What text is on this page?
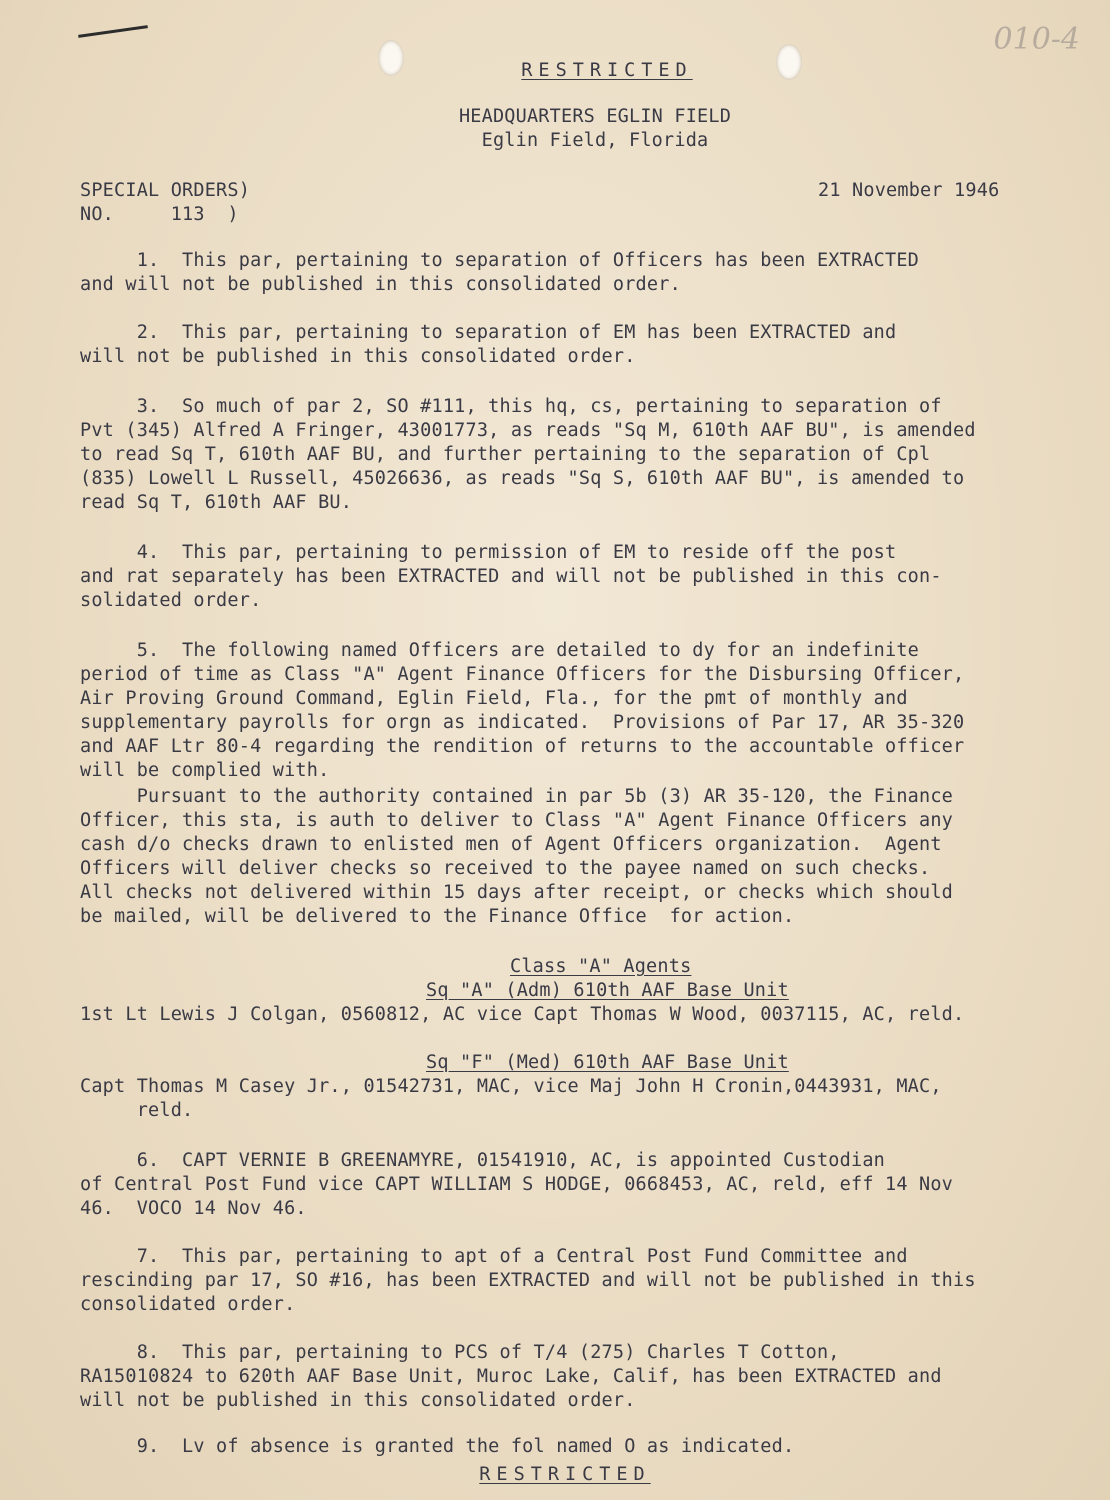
010-4
RESTRICTED
HEADQUARTERS EGLIN FIELD
Eglin Field, Florida
SPECIAL ORDERS)
NO.     113  )
21 November 1946
1.  This par, pertaining to separation of Officers has been EXTRACTED
and will not be published in this consolidated order.
2.  This par, pertaining to separation of EM has been EXTRACTED and
will not be published in this consolidated order.
3.  So much of par 2, SO #111, this hq, cs, pertaining to separation of
Pvt (345) Alfred A Fringer, 43001773, as reads "Sq M, 610th AAF BU", is amended
to read Sq T, 610th AAF BU, and further pertaining to the separation of Cpl
(835) Lowell L Russell, 45026636, as reads "Sq S, 610th AAF BU", is amended to
read Sq T, 610th AAF BU.
4.  This par, pertaining to permission of EM to reside off the post
and rat separately has been EXTRACTED and will not be published in this con-
solidated order.
5.  The following named Officers are detailed to dy for an indefinite
period of time as Class "A" Agent Finance Officers for the Disbursing Officer,
Air Proving Ground Command, Eglin Field, Fla., for the pmt of monthly and
supplementary payrolls for orgn as indicated.  Provisions of Par 17, AR 35-320
and AAF Ltr 80-4 regarding the rendition of returns to the accountable officer
will be complied with.
Pursuant to the authority contained in par 5b (3) AR 35-120, the Finance
Officer, this sta, is auth to deliver to Class "A" Agent Finance Officers any
cash d/o checks drawn to enlisted men of Agent Officers organization.  Agent
Officers will deliver checks so received to the payee named on such checks.
All checks not delivered within 15 days after receipt, or checks which should
be mailed, will be delivered to the Finance Office  for action.
Class "A" Agents
Sq "A" (Adm) 610th AAF Base Unit
1st Lt Lewis J Colgan, 0560812, AC vice Capt Thomas W Wood, 0037115, AC, reld.
Sq "F" (Med) 610th AAF Base Unit
Capt Thomas M Casey Jr., 01542731, MAC, vice Maj John H Cronin,0443931, MAC,
reld.
6.  CAPT VERNIE B GREENAMYRE, 01541910, AC, is appointed Custodian
of Central Post Fund vice CAPT WILLIAM S HODGE, 0668453, AC, reld, eff 14 Nov
46.  VOCO 14 Nov 46.
7.  This par, pertaining to apt of a Central Post Fund Committee and
rescinding par 17, SO #16, has been EXTRACTED and will not be published in this
consolidated order.
8.  This par, pertaining to PCS of T/4 (275) Charles T Cotton,
RA15010824 to 620th AAF Base Unit, Muroc Lake, Calif, has been EXTRACTED and
will not be published in this consolidated order.
9.  Lv of absence is granted the fol named O as indicated.
RESTRICTED
